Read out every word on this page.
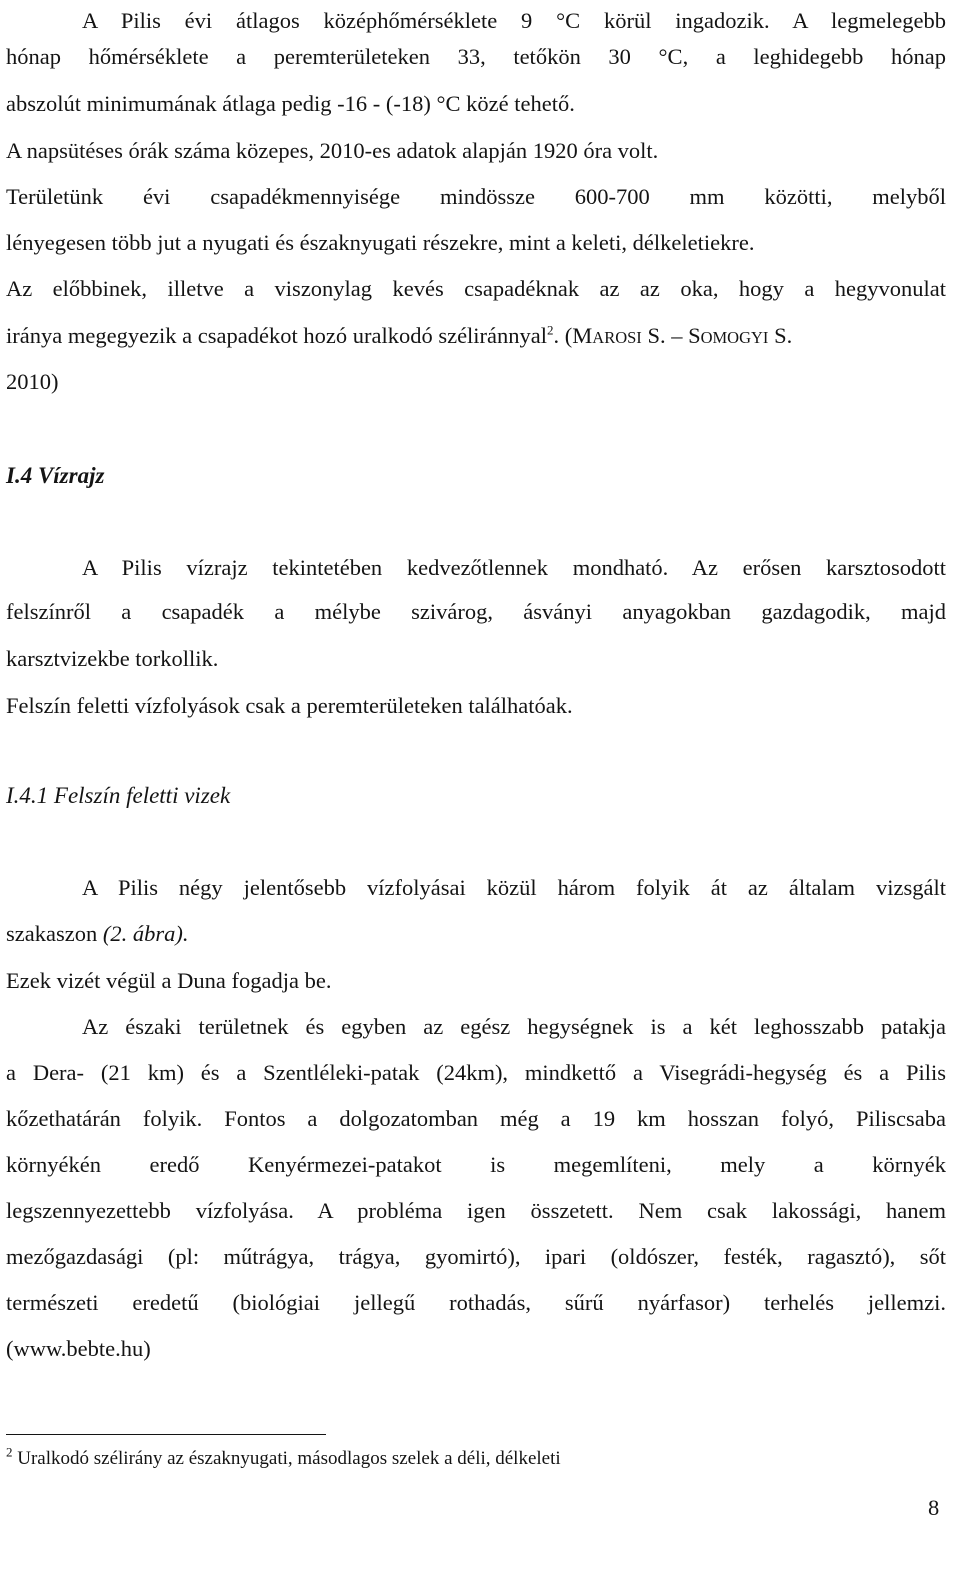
A Pilis évi átlagos középhőmérséklete 9 °C körül ingadozik. A legmelegebb
hónap hőmérséklete a peremterületeken 33, tetőkön 30 °C, a leghidegebb hónap
abszolút minimumának átlaga pedig -16 - (-18) °C közé tehető.
A napsütéses órák száma közepes, 2010-es adatok alapján 1920 óra volt.
Területünk évi csapadékmennyisége mindössze 600-700 mm közötti, melyből
lényegesen több jut a nyugati és északnyugati részekre, mint a keleti, délkeletiekre.
Az előbbinek, illetve a viszonylag kevés csapadéknak az az oka, hogy a hegyvonulat
iránya megegyezik a csapadékot hozó uralkodó széliránnyal$^2$. (MAROSI S. – SOMOGYI S.
2010)
I.4 Vízrajz
A Pilis vízrajz tekintetében kedvezőtlennek mondható. Az erősen karsztosodott
felszínről a csapadék a mélybe szivárog, ásványi anyagokban gazdagodik, majd
karsztvizekbe torkollik.
Felszín feletti vízfolyások csak a peremterületeken találhatóak.
I.4.1 Felszín feletti vizek
A Pilis négy jelentősebb vízfolyásai közül három folyik át az általam vizsgált
szakaszon (2. ábra).
Ezek vizét végül a Duna fogadja be.
Az északi területnek és egyben az egész hegységnek is a két leghosszabb patakja
a Dera- (21 km) és a Szentléleki-patak (24km), mindkettő a Visegrádi-hegység és a Pilis
kőzethatárán folyik. Fontos a dolgozatomban még a 19 km hosszan folyó, Piliscsaba
környékén eredő Kenyérmezei-patakot is megemlíteni, mely a környék
legszennyezettebb vízfolyása. A probléma igen összetett. Nem csak lakossági, hanem
mezőgazdasági (pl: műtrágya, trágya, gyomirtó), ipari (oldószer, festék, ragasztó), sőt
természeti eredetű (biológiai jellegű rothadás, sűrű nyárfasor) terhelés jellemzi.
(www.bebte.hu)
$^2$ Uralkodó szélirány az északnyugati, másodlagos szelek a déli, délkeleti
8
